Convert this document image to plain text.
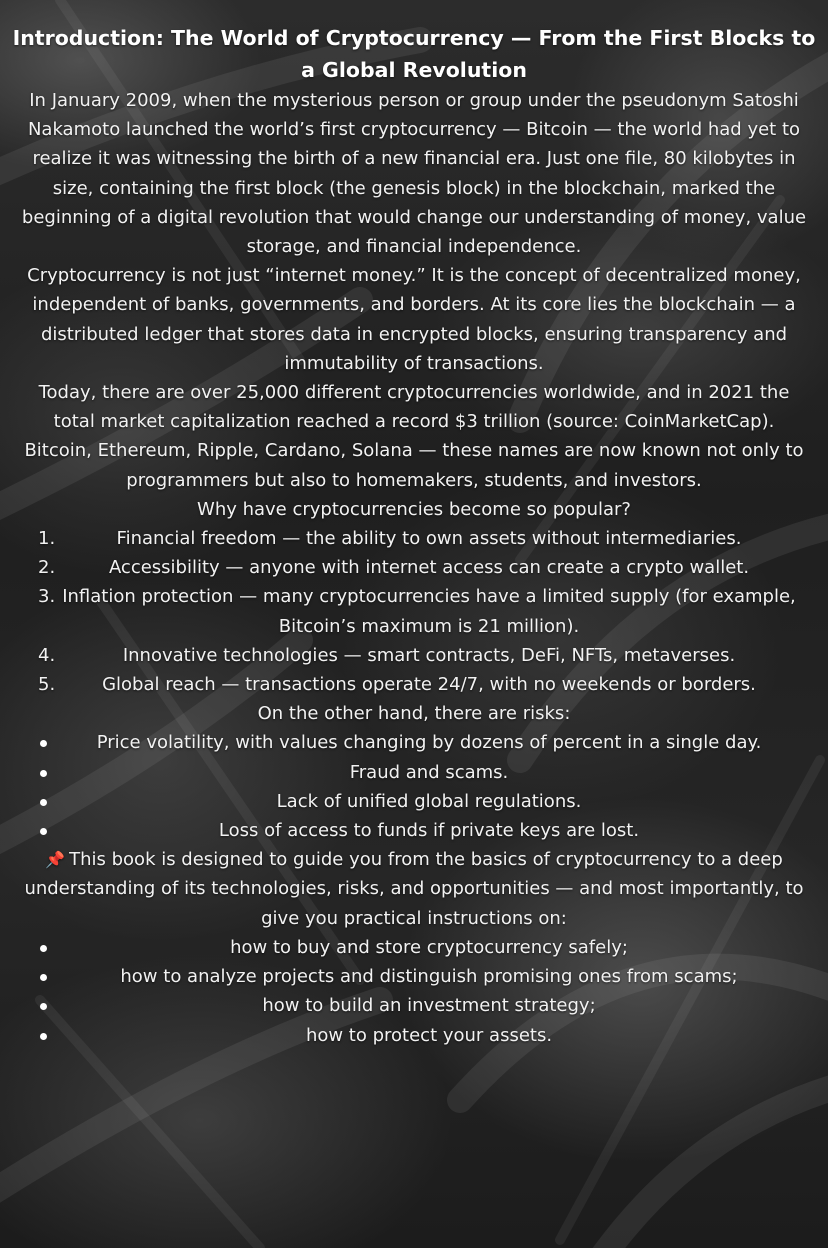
Introduction: The World of Cryptocurrency — From the First Blocks to a Global Revolution

In January 2009, when the mysterious person or group under the pseudonym Satoshi Nakamoto launched the world’s first cryptocurrency — Bitcoin — the world had yet to realize it was witnessing the birth of a new financial era. Just one file, 80 kilobytes in size, containing the first block (the genesis block) in the blockchain, marked the beginning of a digital revolution that would change our understanding of money, value storage, and financial independence.

Cryptocurrency is not just “internet money.” It is the concept of decentralized money, independent of banks, governments, and borders. At its core lies the blockchain — a distributed ledger that stores data in encrypted blocks, ensuring transparency and immutability of transactions.

Today, there are over 25,000 different cryptocurrencies worldwide, and in 2021 the total market capitalization reached a record $3 trillion (source: CoinMarketCap). Bitcoin, Ethereum, Ripple, Cardano, Solana — these names are now known not only to programmers but also to homemakers, students, and investors.

Why have cryptocurrencies become so popular?

1.	Financial freedom — the ability to own assets without intermediaries.
2.	Accessibility — anyone with internet access can create a crypto wallet.
3. Inflation protection — many cryptocurrencies have a limited supply (for example, Bitcoin’s maximum is 21 million).
4.	Innovative technologies — smart contracts, DeFi, NFTs, metaverses.
5.	Global reach — transactions operate 24/7, with no weekends or borders.

On the other hand, there are risks:

Price volatility, with values changing by dozens of percent in a single day.
Fraud and scams.
Lack of unified global regulations.
Loss of access to funds if private keys are lost.

📌 This book is designed to guide you from the basics of cryptocurrency to a deep understanding of its technologies, risks, and opportunities — and most importantly, to give you practical instructions on:

how to buy and store cryptocurrency safely;
how to analyze projects and distinguish promising ones from scams;
how to build an investment strategy;
how to protect your assets.
